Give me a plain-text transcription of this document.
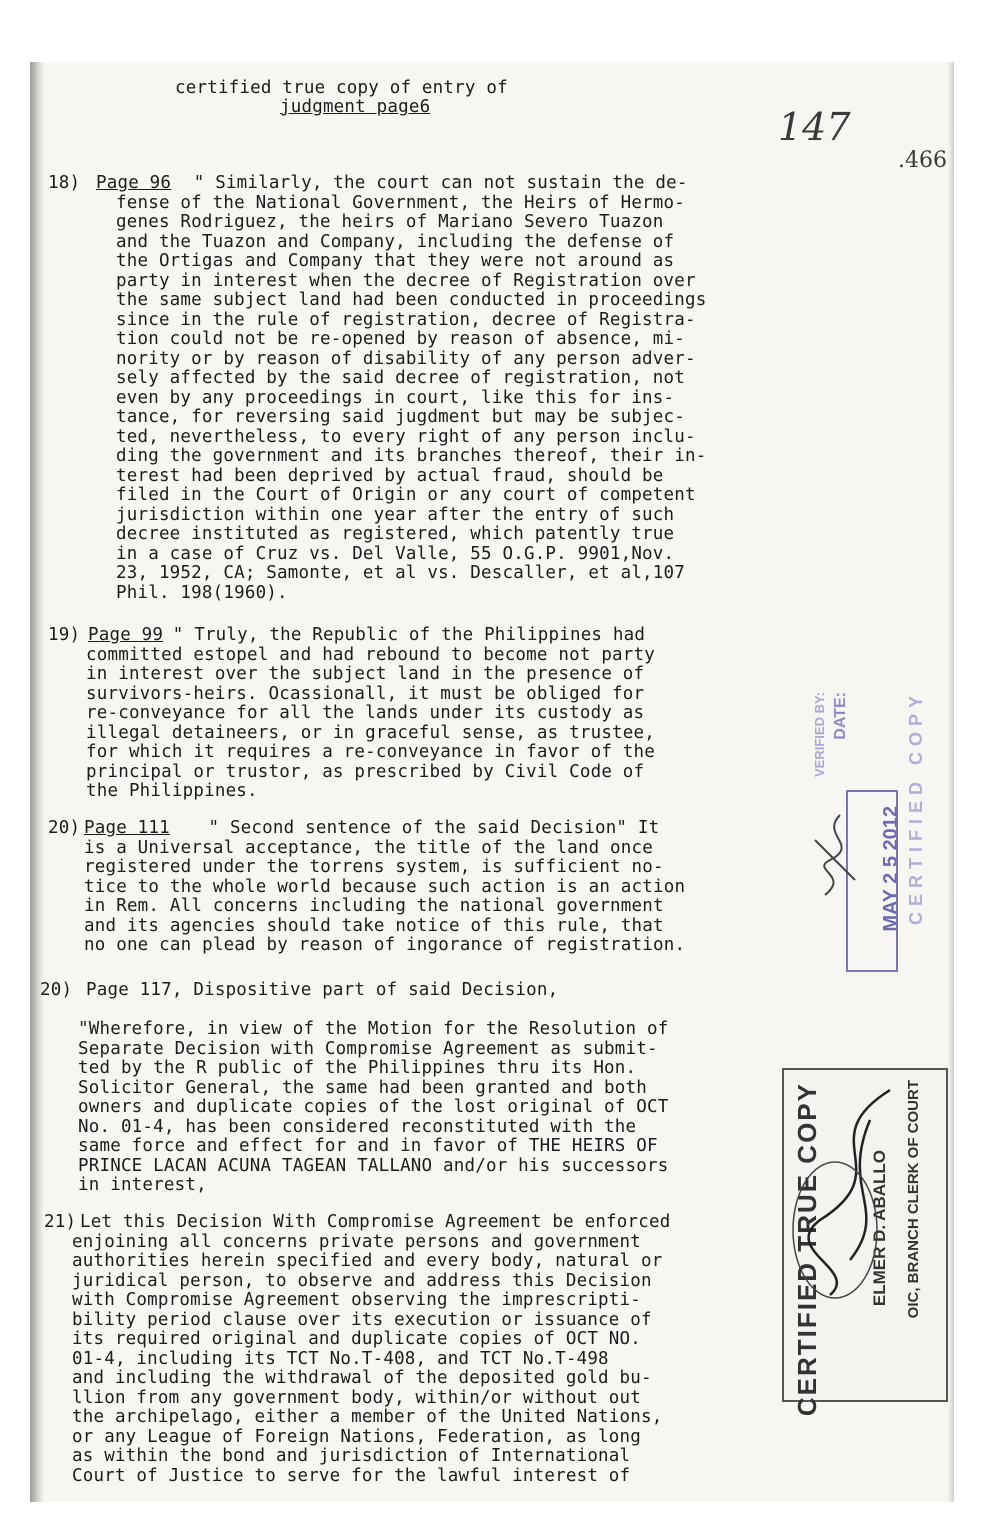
certified true copy of entry of
judgment page6	147
.466
18) Page 96 " Similarly, the court can not sustain the de-
fense of the National Government, the Heirs of Hermo-
genes Rodriguez, the heirs of Mariano Severo Tuazon
and the Tuazon and Company, including the defense of
the Ortigas and Company that they were not around as
party in interest when the decree of Registration over
the same subject land had been conducted in proceedings
since in the rule of registration, decree of Registra-
tion could not be re-opened by reason of absence, mi-
nority or by reason of disability of any person adver-
sely affected by the said decree of registration, not
even by any proceedings in court, like this for ins-
tance, for reversing said jugdment but may be subjec-
ted, nevertheless, to every right of any person inclu-
ding the government and its branches thereof, their in-
terest had been deprived by actual fraud, should be
filed in the Court of Origin or any court of competent
jurisdiction within one year after the entry of such
decree instituted as registered, which patently true
in a case of Cruz vs. Del Valle, 55 O.G.P. 9901,Nov.
23, 1952, CA; Samonte, et al vs. Descaller, et al,107
Phil. 198(1960).
19) Page 99
" Truly, the Republic of the Philippines had
committed estopel and had rebound to become not party
in interest over the subject land in the presence of
survivors-heirs. Ocassionall, it must be obliged for
re-conveyance for all the lands under its custody as
illegal detaineers, or in graceful sense, as trustee,
for which it requires a re-conveyance in favor of the
principal or trustor, as prescribed by Civil Code of
the Philippines.
20) Page 111 " Second sentence of the said Decision" It
is a Universal acceptance, the title of the land once
registered under the torrens system, is sufficient no-
tice to the whole world because such action is an action
in Rem. All concerns including the national government
and its agencies should take notice of this rule, that
no one can plead by reason of ingorance of registration.
20) Page 117, Dispositive part of said Decision,
"Wherefore, in view of the Motion for the Resolution of
Separate Decision with Compromise Agreement as submit-
ted by the R public of the Philippines thru its Hon.
Solicitor General, the same had been granted and both
owners and duplicate copies of the lost original of OCT
No. 01-4, has been considered reconstituted with the
same force and effect for and in favor of THE HEIRS OF
PRINCE LACAN ACUNA TAGEAN TALLANO and/or his successors
in interest,
21) Let this Decision With Compromise Agreement be enforced
enjoining all concerns private persons and government
authorities herein specified and every body, natural or
juridical person, to observe and address this Decision
with Compromise Agreement observing the imprescripti-
bility period clause over its execution or issuance of
its required original and duplicate copies of OCT NO.
01-4, including its TCT No.T-408, and TCT No.T-498
and including the withdrawal of the deposited gold bu-
llion from any government body, within/or without out
the archipelago, either a member of the United Nations,
or any League of Foreign Nations, Federation, as long
as within the bond and jurisdiction of International
Court of Justice to serve for the lawful interest of
DATE:
VERIFIED BY:
MAY 2 5 2012 CERTIFIED COPY
CERTIFIED TRUE COPY	ELMER D. ABALLO OIC, BRANCH CLERK OF COURT
